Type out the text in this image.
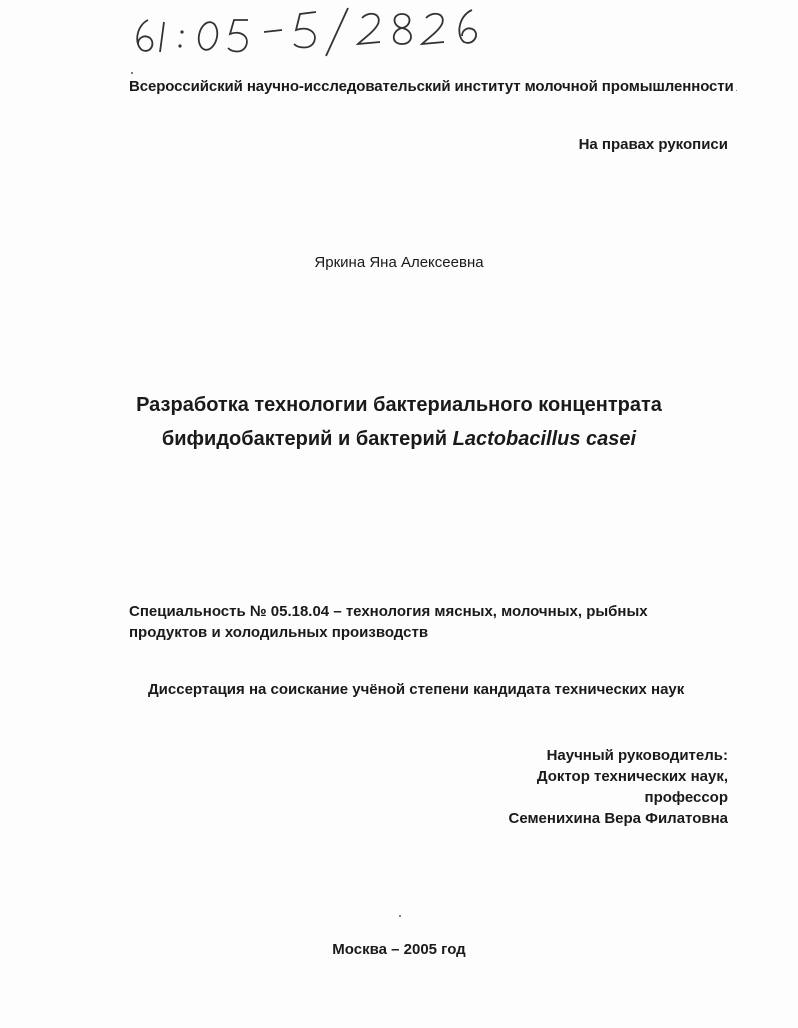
Всероссийский научно-исследовательский институт молочной промышленности
На правах рукописи
Яркина Яна Алексеевна
Разработка технологии бактериального концентрата
бифидобактерий и бактерий Lactobacillus casei
Специальность № 05.18.04 – технология мясных, молочных, рыбных продуктов и холодильных производств
Диссертация на соискание учёной степени кандидата технических наук
Научный руководитель:
Доктор технических наук,
профессор
Семенихина Вера Филатовна
Москва – 2005 год
